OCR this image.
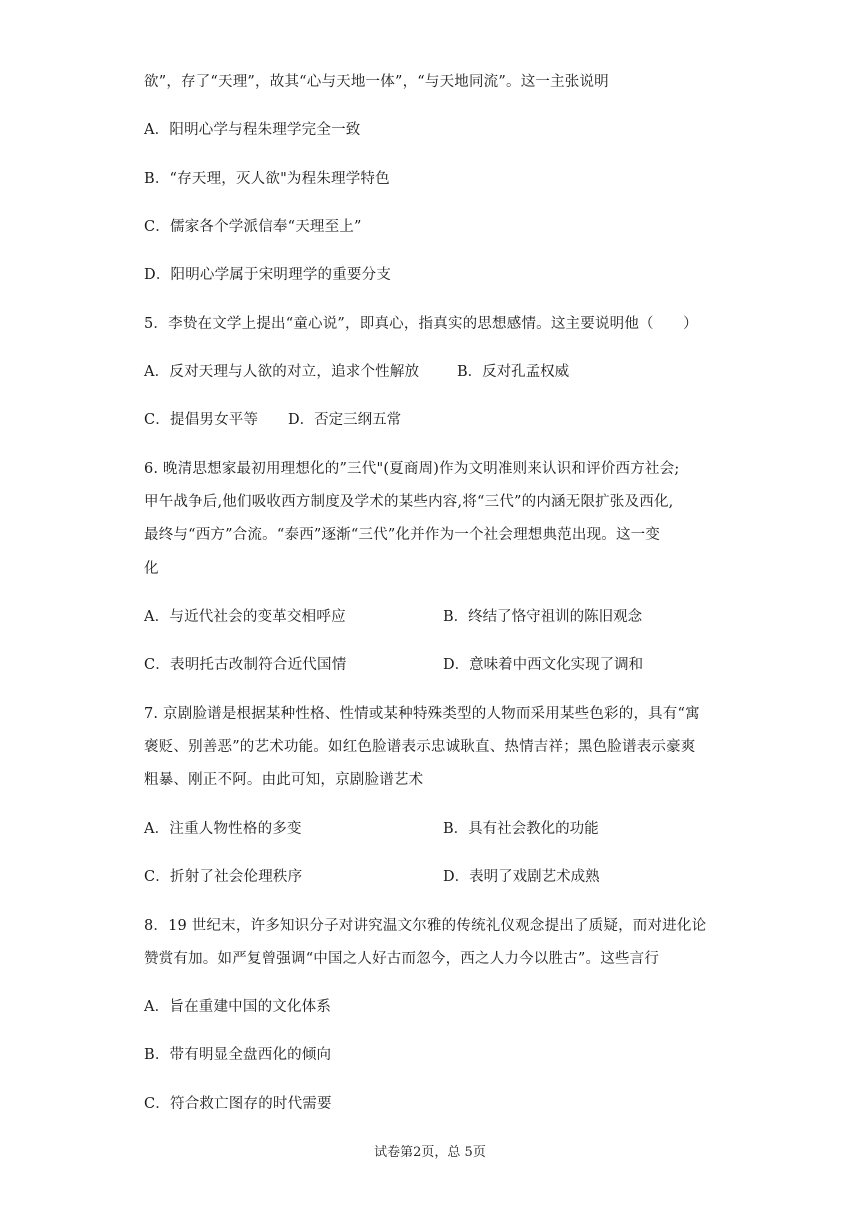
欲”，存了“天理”，故其“心与天地一体”，“与天地同流”。这一主张说明
A．阳明心学与程朱理学完全一致
B．“存天理，灭人欲"为程朱理学特色
C．儒家各个学派信奉“天理至上”
D．阳明心学属于宋明理学的重要分支
5．李贽在文学上提出“童心说”，即真心，指真实的思想感情。这主要说明他（　　）
A．反对天理与人欲的对立，追求个性解放	B．反对孔孟权威
C．提倡男女平等 D．否定三纲五常
6. 晚清思想家最初用理想化的”三代"(夏商周)作为文明准则来认识和评价西方社会;
甲午战争后,他们吸收西方制度及学术的某些内容,将“三代”的内涵无限扩张及西化,
最终与“西方”合流。“泰西”逐渐“三代”化并作为一个社会理想典范出现。这一变
化
A．与近代社会的变革交相呼应	B．终结了恪守祖训的陈旧观念
C．表明托古改制符合近代国情	D．意味着中西文化实现了调和
7. 京剧脸谱是根据某种性格、性情或某种特殊类型的人物而采用某些色彩的，具有“寓
褒贬、别善恶”的艺术功能。如红色脸谱表示忠诚耿直、热情吉祥；黑色脸谱表示豪爽
粗暴、刚正不阿。由此可知，京剧脸谱艺术
A．注重人物性格的多变	B．具有社会教化的功能
C．折射了社会伦理秩序	D．表明了戏剧艺术成熟
8．19 世纪末，许多知识分子对讲究温文尔雅的传统礼仪观念提出了质疑，而对进化论
赞赏有加。如严复曾强调“中国之人好古而忽今，西之人力今以胜古”。这些言行
A．旨在重建中国的文化体系
B．带有明显全盘西化的倾向
C．符合救亡图存的时代需要
试卷第2页，总 5页
